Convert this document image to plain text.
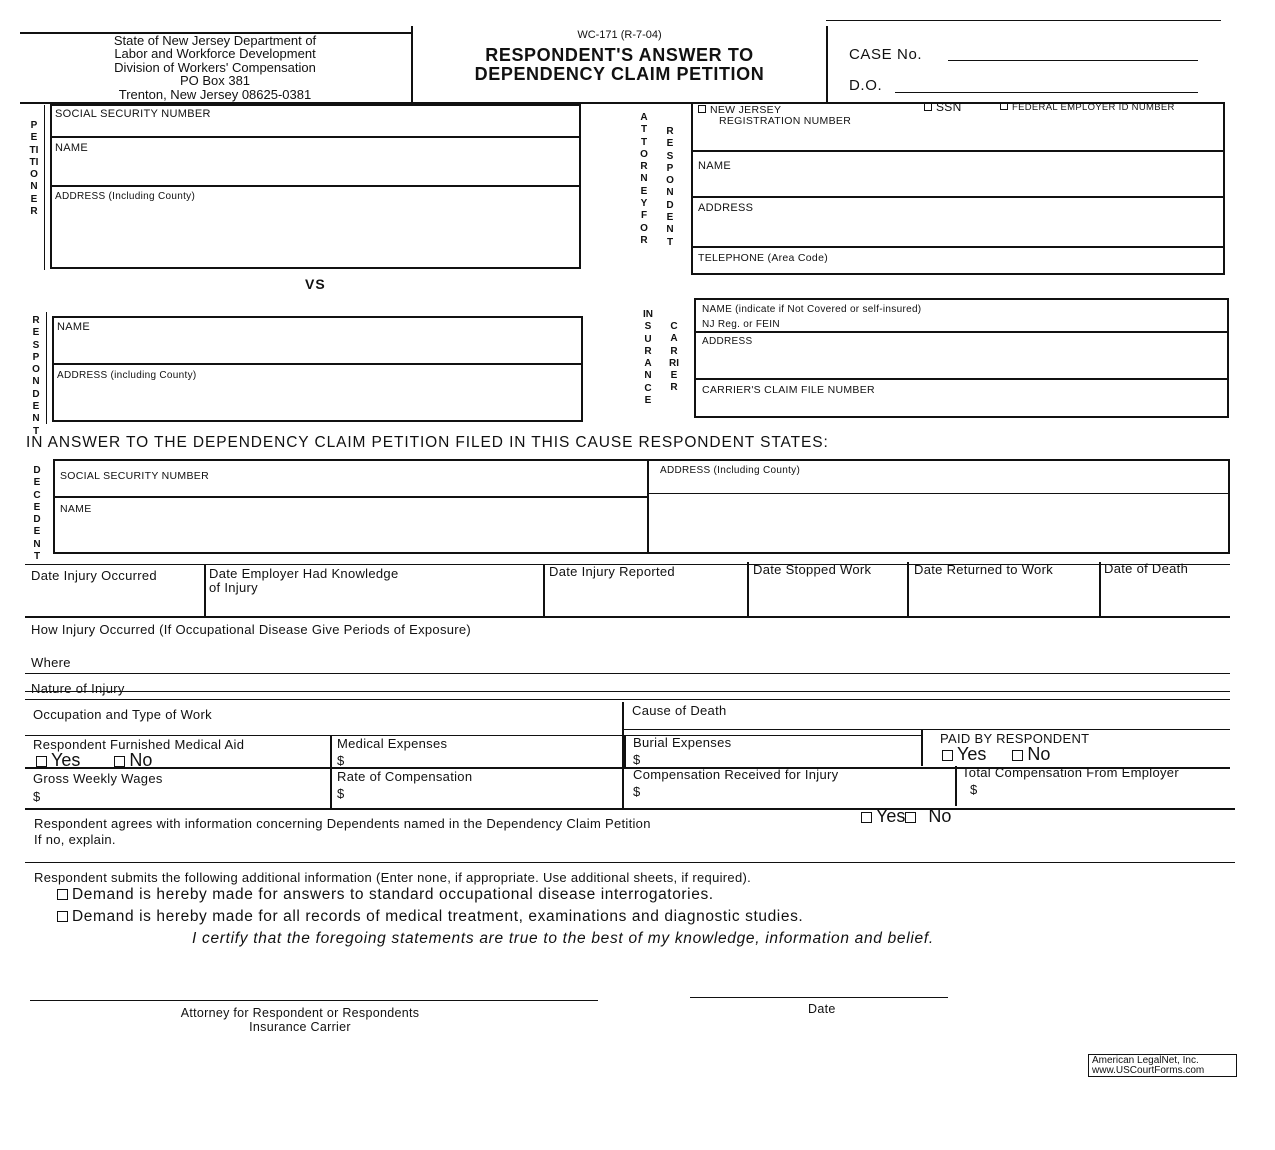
State of New Jersey Department of
Labor and Workforce Development
Division of Workers' Compensation
PO Box 381
Trenton, New Jersey 08625-0381
WC-171 (R-7-04)
RESPONDENT'S ANSWER TO
DEPENDENCY CLAIM PETITION
CASE No.
D.O.
PETITIONER
SOCIAL SECURITY NUMBER
NAME
ADDRESS (Including County)
ATTORNEY FOR
RESPONDENT
NEW JERSEY
REGISTRATION NUMBER
SSN	FEDERAL EMPLOYER ID NUMBER
NAME
ADDRESS
TELEPHONE (Area Code)
VS
RESPONDENT
NAME
ADDRESS (including County)
INSURANCE
CARRIER
NAME (indicate if Not Covered or self-insured)
NJ Reg. or FEIN
ADDRESS
CARRIER'S CLAIM FILE NUMBER
IN ANSWER TO THE DEPENDENCY CLAIM PETITION FILED IN THIS CAUSE RESPONDENT STATES:
DECEDENT
SOCIAL SECURITY NUMBER
NAME
ADDRESS (Including County)
Date Injury Occurred	Date Employer Had Knowledge
of Injury
Date Injury Reported	Date Stopped Work	Date Returned to Work	Date of Death
How Injury Occurred (If Occupational Disease Give Periods of Exposure)
Where
Nature of Injury
Occupation and Type of Work	Cause of Death
Respondent Furnished Medical Aid
Yes	No
Medical Expenses
$
Burial Expenses
$
PAID BY RESPONDENT
Yes No
Gross Weekly Wages
$
Rate of Compensation
$
Compensation Received for Injury
$
Total Compensation From Employer
$
Respondent agrees with information concerning Dependents named in the Dependency Claim Petition	Yes No
If no, explain.
Respondent submits the following additional information (Enter none, if appropriate. Use additional sheets, if required).
Demand is hereby made for answers to standard occupational disease interrogatories.
Demand is hereby made for all records of medical treatment, examinations and diagnostic studies.
I certify that the foregoing statements are true to the best of my knowledge, information and belief.
Attorney for Respondent or Respondents
Insurance Carrier
Date
American LegalNet, Inc.
www.USCourtForms.com
